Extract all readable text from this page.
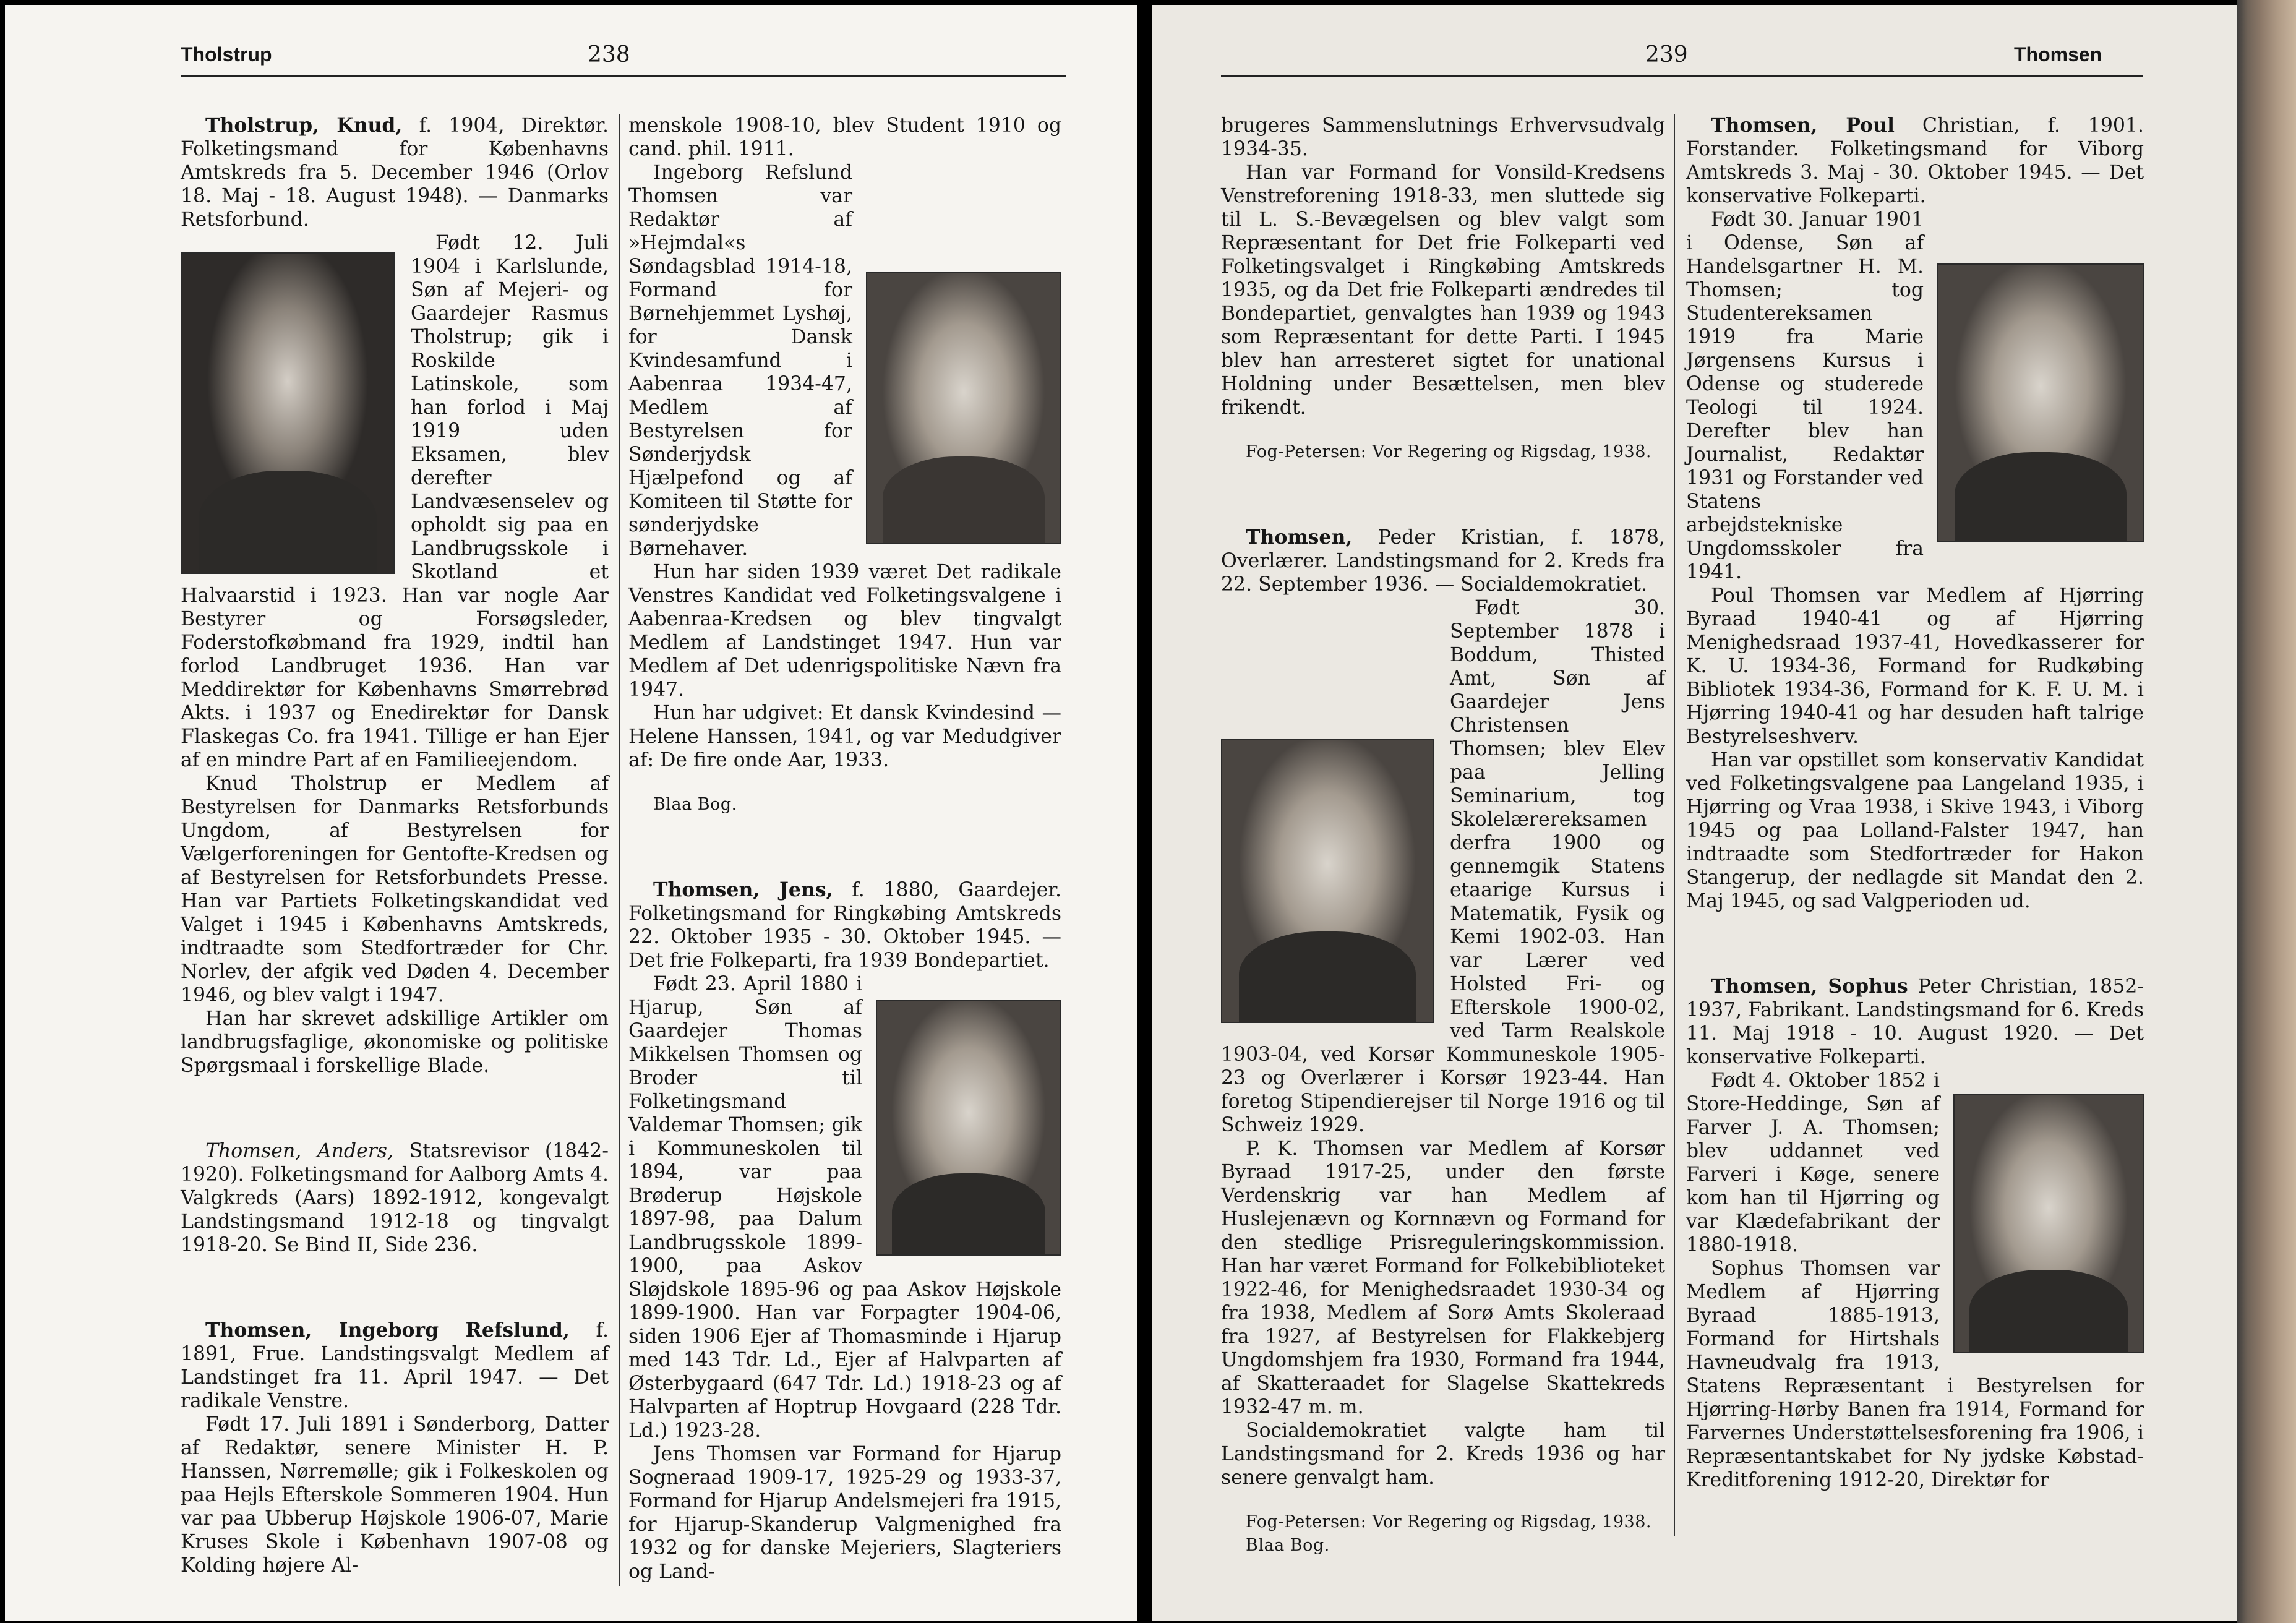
Tholstrup	238

Tholstrup, Knud, f. 1904, Direktør. Folketingsmand for Københavns Amtskreds fra 5. December 1946 (Orlov 18. Maj - 18. August 1948). — Danmarks Retsforbund.

Født 12. Juli 1904 i Karlslunde, Søn af Mejeri- og Gaardejer Rasmus Tholstrup; gik i Roskilde Latinskole, som han forlod i Maj 1919 uden Eksamen, blev derefter Landvæsenselev og opholdt sig paa en Landbrugsskole i Skotland et Halvaarstid i 1923. Han var nogle Aar Bestyrer og Forsøgsleder, Foderstofkøbmand fra 1929, indtil han forlod Landbruget 1936. Han var Meddirektør for Københavns Smørrebrød Akts. i 1937 og Enedirektør for Dansk Flaskegas Co. fra 1941. Tillige er han Ejer af en mindre Part af en Familieejendom.

Knud Tholstrup er Medlem af Bestyrelsen for Danmarks Retsforbunds Ungdom, af Bestyrelsen for Vælgerforeningen for Gentofte-Kredsen og af Bestyrelsen for Retsforbundets Presse. Han var Partiets Folketingskandidat ved Valget i 1945 i Københavns Amtskreds, indtraadte som Stedfortræder for Chr. Norlev, der afgik ved Døden 4. December 1946, og blev valgt i 1947.

Han har skrevet adskillige Artikler om landbrugsfaglige, økonomiske og politiske Spørgsmaal i forskellige Blade.

Thomsen, Anders, Statsrevisor (1842-1920). Folketingsmand for Aalborg Amts 4. Valgkreds (Aars) 1892-1912, kongevalgt Landstingsmand 1912-18 og tingvalgt 1918-20. Se Bind II, Side 236.

Thomsen, Ingeborg Refslund, f. 1891, Frue. Landstingsvalgt Medlem af Landstinget fra 11. April 1947. — Det radikale Venstre.

Født 17. Juli 1891 i Sønderborg, Datter af Redaktør, senere Minister H. P. Hanssen, Nørremølle; gik i Folkeskolen og paa Hejls Efterskole Sommeren 1904. Hun var paa Ubberup Højskole 1906-07, Marie Kruses Skole i København 1907-08 og Kolding højere Al-

menskole 1908-10, blev Student 1910 og cand. phil. 1911.

Ingeborg Refslund Thomsen var Redaktør af »Hejmdal«s Søndagsblad 1914-18, Formand for Børnehjemmet Lyshøj, for Dansk Kvindesamfund i Aabenraa 1934-47, Medlem af Bestyrelsen for Sønderjydsk Hjælpefond og af Komiteen til Støtte for sønderjydske Børnehaver.

Hun har siden 1939 været Det radikale Venstres Kandidat ved Folketingsvalgene i Aabenraa-Kredsen og blev tingvalgt Medlem af Landstinget 1947. Hun var Medlem af Det udenrigspolitiske Nævn fra 1947.

Hun har udgivet: Et dansk Kvindesind — Helene Hanssen, 1941, og var Medudgiver af: De fire onde Aar, 1933.

Blaa Bog.

Thomsen, Jens, f. 1880, Gaardejer. Folketingsmand for Ringkøbing Amtskreds 22. Oktober 1935 - 30. Oktober 1945. — Det frie Folkeparti, fra 1939 Bondepartiet.

Født 23. April 1880 i Hjarup, Søn af Gaardejer Thomas Mikkelsen Thomsen og Broder til Folketingsmand Valdemar Thomsen; gik i Kommuneskolen til 1894, var paa Brøderup Højskole 1897-98, paa Dalum Landbrugsskole 1899-1900, paa Askov Sløjdskole 1895-96 og paa Askov Højskole 1899-1900. Han var Forpagter 1904-06, siden 1906 Ejer af Thomasminde i Hjarup med 143 Tdr. Ld., Ejer af Halvparten af Østerbygaard (647 Tdr. Ld.) 1918-23 og af Halvparten af Hoptrup Hovgaard (228 Tdr. Ld.) 1923-28.

Jens Thomsen var Formand for Hjarup Sogneraad 1909-17, 1925-29 og 1933-37, Formand for Hjarup Andelsmejeri fra 1915, for Hjarup-Skanderup Valgmenighed fra 1932 og for danske Mejeriers, Slagteriers og Land-

239	Thomsen

brugeres Sammenslutnings Erhvervsudvalg 1934-35.

Han var Formand for Vonsild-Kredsens Venstreforening 1918-33, men sluttede sig til L. S.-Bevægelsen og blev valgt som Repræsentant for Det frie Folkeparti ved Folketingsvalget i Ringkøbing Amtskreds 1935, og da Det frie Folkeparti ændredes til Bondepartiet, genvalgtes han 1939 og 1943 som Repræsentant for dette Parti. I 1945 blev han arresteret sigtet for unational Holdning under Besættelsen, men blev frikendt.

Fog-Petersen: Vor Regering og Rigsdag, 1938.

Thomsen, Peder Kristian, f. 1878, Overlærer. Landstingsmand for 2. Kreds fra 22. September 1936. — Socialdemokratiet.

Født 30. September 1878 i Boddum, Thisted Amt, Søn af Gaardejer Jens Christensen Thomsen; blev Elev paa Jelling Seminarium, tog Skolelærereksamen derfra 1900 og gennemgik Statens etaarige Kursus i Matematik, Fysik og Kemi 1902-03. Han var Lærer ved Holsted Fri- og Efterskole 1900-02, ved Tarm Realskole 1903-04, ved Korsør Kommuneskole 1905-23 og Overlærer i Korsør 1923-44. Han foretog Stipendierejser til Norge 1916 og til Schweiz 1929.

P. K. Thomsen var Medlem af Korsør Byraad 1917-25, under den første Verdenskrig var han Medlem af Huslejenævn og Kornnævn og Formand for den stedlige Prisreguleringskommission. Han har været Formand for Folkebiblioteket 1922-46, for Menighedsraadet 1930-34 og fra 1938, Medlem af Sorø Amts Skoleraad fra 1927, af Bestyrelsen for Flakkebjerg Ungdomshjem fra 1930, Formand fra 1944, af Skatteraadet for Slagelse Skattekreds 1932-47 m. m.

Socialdemokratiet valgte ham til Landstingsmand for 2. Kreds 1936 og har senere genvalgt ham.

Fog-Petersen: Vor Regering og Rigsdag, 1938.

Blaa Bog.

Thomsen, Poul Christian, f. 1901. Forstander. Folketingsmand for Viborg Amtskreds 3. Maj - 30. Oktober 1945. — Det konservative Folkeparti.

Født 30. Januar 1901 i Odense, Søn af Handelsgartner H. M. Thomsen; tog Studentereksamen 1919 fra Marie Jørgensens Kursus i Odense og studerede Teologi til 1924. Derefter blev han Journalist, Redaktør 1931 og Forstander ved Statens arbejdstekniske Ungdomsskoler fra 1941.

Poul Thomsen var Medlem af Hjørring Byraad 1940-41 og af Hjørring Menighedsraad 1937-41, Hovedkasserer for K. U. 1934-36, Formand for Rudkøbing Bibliotek 1934-36, Formand for K. F. U. M. i Hjørring 1940-41 og har desuden haft talrige Bestyrelseshverv.

Han var opstillet som konservativ Kandidat ved Folketingsvalgene paa Langeland 1935, i Hjørring og Vraa 1938, i Skive 1943, i Viborg 1945 og paa Lolland-Falster 1947, han indtraadte som Stedfortræder for Hakon Stangerup, der nedlagde sit Mandat den 2. Maj 1945, og sad Valgperioden ud.

Thomsen, Sophus Peter Christian, 1852-1937, Fabrikant. Landstingsmand for 6. Kreds 11. Maj 1918 - 10. August 1920. — Det konservative Folkeparti.

Født 4. Oktober 1852 i Store-Heddinge, Søn af Farver J. A. Thomsen; blev uddannet ved Farveri i Køge, senere kom han til Hjørring og var Klædefabrikant der 1880-1918.

Sophus Thomsen var Medlem af Hjørring Byraad 1885-1913, Formand for Hirtshals Havneudvalg fra 1913, Statens Repræsentant i Bestyrelsen for Hjørring-Hørby Banen fra 1914, Formand for Farvernes Understøttelsesforening fra 1906, i Repræsentantskabet for Ny jydske Købstad-Kreditforening 1912-20, Direktør for
